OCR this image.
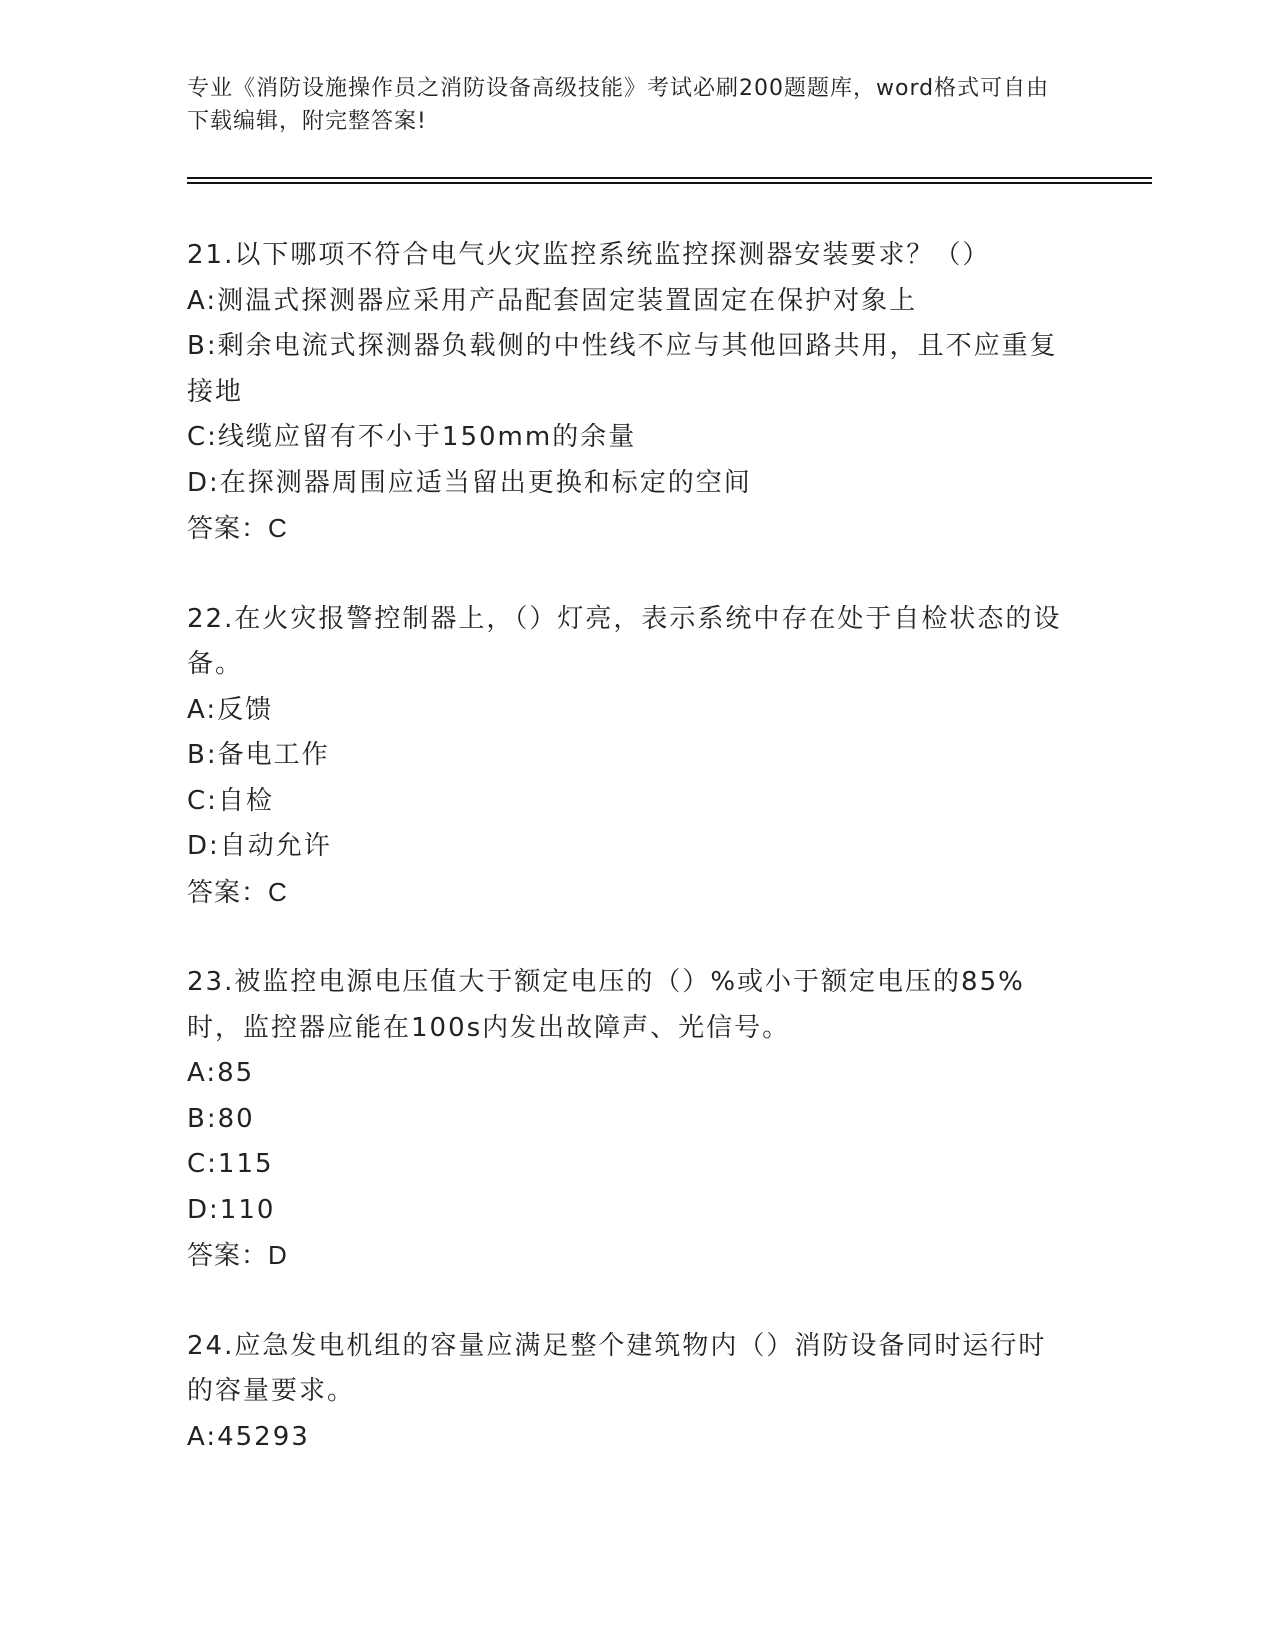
专业《消防设施操作员之消防设备高级技能》考试必刷200题题库，word格式可自由下载编辑，附完整答案!

21.以下哪项不符合电气火灾监控系统监控探测器安装要求？（）

A:测温式探测器应采用产品配套固定装置固定在保护对象上

B:剩余电流式探测器负载侧的中性线不应与其他回路共用，且不应重复接地

C:线缆应留有不小于150mm的余量

D:在探测器周围应适当留出更换和标定的空间

答案：C

22.在火灾报警控制器上，（）灯亮，表示系统中存在处于自检状态的设备。

A:反馈

B:备电工作

C:自检

D:自动允许

答案：C

23.被监控电源电压值大于额定电压的（）%或小于额定电压的85%时，监控器应能在100s内发出故障声、光信号。

A:85

B:80

C:115

D:110

答案：D

24.应急发电机组的容量应满足整个建筑物内（）消防设备同时运行时的容量要求。

A:45293
